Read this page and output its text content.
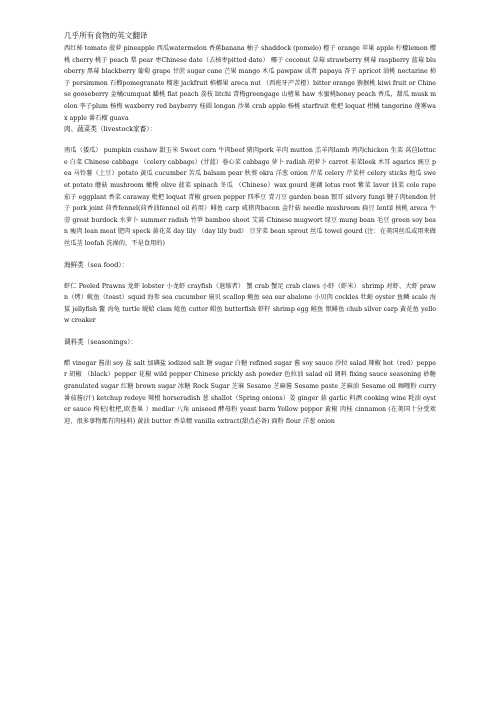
几乎所有食物的英文翻译

西红柿 tomato 菠萝 pineapple 西瓜watermelon 香蕉banana 柚子 shaddock (pomelo) 橙子 orange 苹果 apple 柠檬lemon 樱桃 cherry 桃子 peach 梨 pear 枣Chinese date（去核枣pitted date） 椰子 coconut 草莓 strawberry 树莓 raspberry 蓝莓 blueberry 黑莓 blackberry 葡萄 grape 甘蔗 sugar cane 芒果 mango 木瓜 pawpaw 或者 papaya 杏子 apricot 油桃 nectarine 柿子 persimmon 石榴pomegranate 榴莲 jackfruit 槟榔果 areca nut （西班牙产苦橙）bitter orange 猕猴桃 kiwi fruit or Chinese gooseberry 金橘cumquat 蟠桃 flat peach 荔枝 litchi 青梅greengage 山楂果 haw 水蜜桃honey peach 香瓜，甜瓜 musk melon 李子plum 杨梅 waxberry red bayberry 桂圆 longan 沙果 crab apple 杨桃 starfruit 枇杷 loquat 柑橘 tangerine 莲雾wax apple 番石榴 guava

肉、蔬菜类（livestock家畜）：

南瓜（倭瓜） pumpkin cushaw 甜玉米 Sweet corn 牛肉beef 猪肉pork 羊肉 mutton 羔羊肉lamb 鸡肉chicken 生菜 莴苣lettuce 白菜 Chinese cabbage （celery cabbage）(甘蓝）卷心菜 cabbage 萝卜 radish 胡萝卜 carrot 韭菜leek 木耳 agarics 豌豆 pea 马铃薯（土豆）potato 黄瓜 cucumber 苦瓜 balsam pear 秋葵 okra 洋葱 onion 芹菜 celery 芹菜杆 celery sticks 地瓜 sweet potato 蘑菇 mushroom 橄榄 olive 菠菜 spinach 冬瓜 （Chinese）wax gourd 莲藕 lotus root 紫菜 laver 油菜 cole rape 茄子 eggplant 香菜 caraway 枇杷 loquat 青椒 green pepper 四季豆 青刀豆 garden bean 银耳 silvery fungi 腱子肉tendon 肘子 pork joint 茴香fennel(茴香油fennel oil 药用）鲱鱼 carp 咸猪肉bacon 金针菇 needle mushroom 扁豆 lentil 核桃 areca 牛蒡 great burdock 水萝卜 summer radish 竹笋 bamboo shoot 艾蒿 Chinese mugwort 绿豆 mung bean 毛豆 green soy bean 瘦肉 lean meat 肥肉 speck 黄花菜 day lily （day lily bud） 豆芽菜 bean sprout 丝瓜 towel gourd (注：在美国丝瓜或用来做丝瓜茎 loofah 洗澡的，不是食用的)

海鲜类（sea food）：

虾仁 Peeled Prawns 龙虾 lobster 小龙虾 crayfish（退缩者） 蟹 crab 蟹足 crab claws 小虾（虾米） shrimp 对虾、大虾 prawn（烤）鱿鱼（toast）squid 海参 sea cucumber 扇贝 scallop 鲍鱼 sea ear abalone 小贝肉 cockles 牡蛎 oyster 鱼鳞 scale 海蜇 jellyfish 鳖 海龟 turtle 蚬蛤 clam 鲶鱼 cutter 鲳鱼 butterfish 虾籽 shrimp egg 鲑鱼 银鲱鱼 chub silver carp 黄花鱼 yellow croaker

调料类（seasonings）：

醋 vinegar 酱油 soy 盐 salt 加碘盐 iodized salt 糖 sugar 白糖 refined sugar 酱 soy sauce 沙拉 salad 辣椒 hot（red）pepper 胡椒 （black）pepper 花椒 wild pepper Chinese prickly ash powder 色拉油 salad oil 调料 fixing sauce seasoning 砂糖 granulated sugar 红糖 brown sugar 冰糖 Rock Sugar 芝麻 Sesame 芝麻酱 Sesame paste 芝麻油 Sesame oil 咖喱粉 curry 番茄酱(汁) ketchup redeye 辣根 horseradish 葱 shallot（Spring onions）姜 ginger 蒜 garlic 料酒 cooking wine 耗油 oyster sauce 枸杞(枇杷,欧查果 ）medlar 八角 aniseed 酵母粉 yeast barm Yellow pepper 黄椒 肉桂 cinnamon (在美国十分受欢迎，很多事物都有肉桂料) 黄油 butter 香草精 vanilla extract(甜点必备) 面粉 flour 洋葱 onion
